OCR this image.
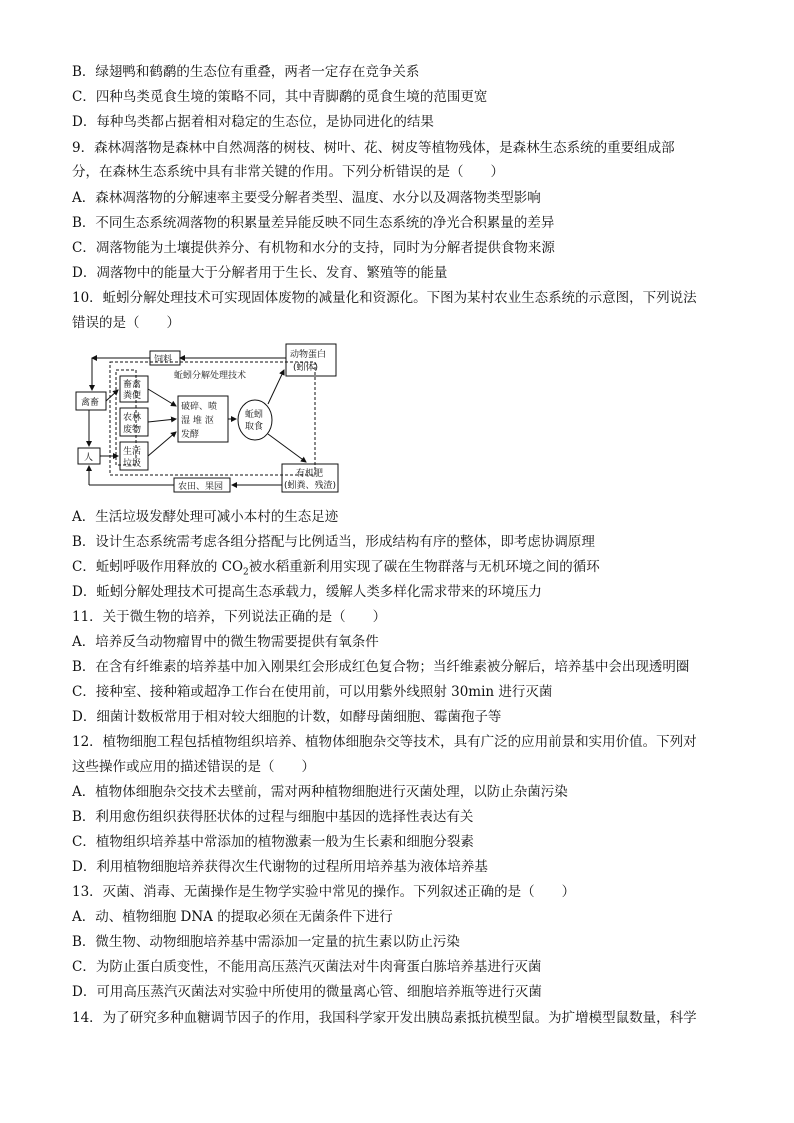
B．绿翅鸭和鹤鹬的生态位有重叠，两者一定存在竞争关系
C．四种鸟类觅食生境的策略不同，其中青脚鹬的觅食生境的范围更宽
D．每种鸟类都占据着相对稳定的生态位，是协同进化的结果
9．森林凋落物是森林中自然凋落的树枝、树叶、花、树皮等植物残体，是森林生态系统的重要组成部
分，在森林生态系统中具有非常关键的作用。下列分析错误的是（　　）
A．森林凋落物的分解速率主要受分解者类型、温度、水分以及凋落物类型影响
B．不同生态系统凋落物的积累量差异能反映不同生态系统的净光合积累量的差异
C．凋落物能为土壤提供养分、有机物和水分的支持，同时为分解者提供食物来源
D．凋落物中的能量大于分解者用于生长、发育、繁殖等的能量
10．蚯蚓分解处理技术可实现固体废物的减量化和资源化。下图为某村农业生态系统的示意图，下列说法
错误的是（　　）
饲料	动物蛋白
(蚓体)
蚯蚓分解处理技术
禽畜
畜禽
粪便
农林
废物
生活
垃圾
人
破碎、喷
湿 堆 沤
发酵
蚯蚓
取食
有机肥
(蚓粪、残渣)
农田、果园
A．生活垃圾发酵处理可减小本村的生态足迹
B．设计生态系统需考虑各组分搭配与比例适当，形成结构有序的整体，即考虑协调原理
C．蚯蚓呼吸作用释放的 $CO_2$被水稻重新利用实现了碳在生物群落与无机环境之间的循环
D．蚯蚓分解处理技术可提高生态承载力，缓解人类多样化需求带来的环境压力
11．关于微生物的培养，下列说法正确的是（　　）
A．培养反刍动物瘤胃中的微生物需要提供有氧条件
B．在含有纤维素的培养基中加入刚果红会形成红色复合物；当纤维素被分解后，培养基中会出现透明圈
C．接种室、接种箱或超净工作台在使用前，可以用紫外线照射 30min 进行灭菌
D．细菌计数板常用于相对较大细胞的计数，如酵母菌细胞、霉菌孢子等
12．植物细胞工程包括植物组织培养、植物体细胞杂交等技术，具有广泛的应用前景和实用价值。下列对
这些操作或应用的描述错误的是（　　）
A．植物体细胞杂交技术去壁前，需对两种植物细胞进行灭菌处理，以防止杂菌污染
B．利用愈伤组织获得胚状体的过程与细胞中基因的选择性表达有关
C．植物组织培养基中常添加的植物激素一般为生长素和细胞分裂素
D．利用植物细胞培养获得次生代谢物的过程所用培养基为液体培养基
13．灭菌、消毒、无菌操作是生物学实验中常见的操作。下列叙述正确的是（　　）
A．动、植物细胞 DNA 的提取必须在无菌条件下进行
B．微生物、动物细胞培养基中需添加一定量的抗生素以防止污染
C．为防止蛋白质变性，不能用高压蒸汽灭菌法对牛肉膏蛋白胨培养基进行灭菌
D．可用高压蒸汽灭菌法对实验中所使用的微量离心管、细胞培养瓶等进行灭菌
14．为了研究多种血糖调节因子的作用，我国科学家开发出胰岛素抵抗模型鼠。为扩增模型鼠数量，科学
